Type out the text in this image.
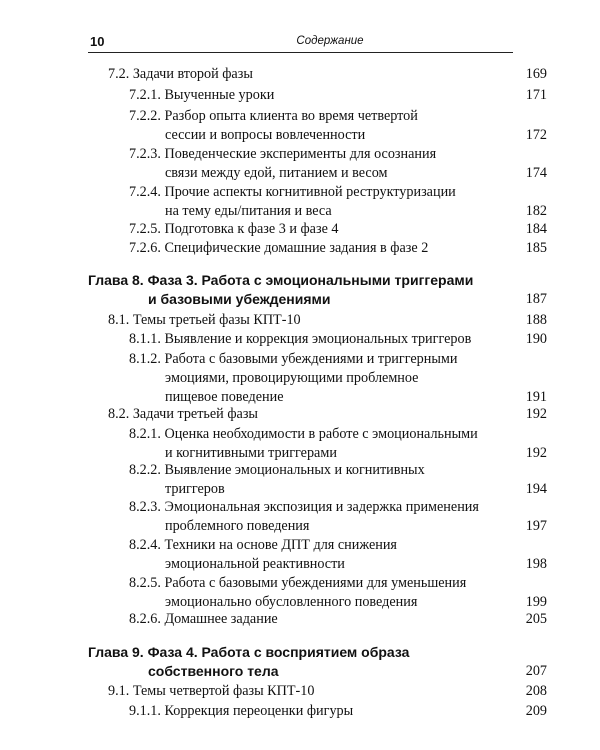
10	Содержание
7.2. Задачи второй фазы	169
7.2.1. Выученные уроки	171
7.2.2. Разбор опыта клиента во время четвертой
сессии и вопросы вовлеченности	172
7.2.3. Поведенческие эксперименты для осознания
связи между едой, питанием и весом	174
7.2.4. Прочие аспекты когнитивной реструктуризации
на тему еды/питания и веса	182
7.2.5. Подготовка к фазе 3 и фазе 4	184
7.2.6. Специфические домашние задания в фазе 2	185
Глава 8. Фаза 3. Работа с эмоциональными триггерами
и базовыми убеждениями	187
8.1. Темы третьей фазы КПТ-10	188
8.1.1. Выявление и коррекция эмоциональных триггеров	190
8.1.2. Работа с базовыми убеждениями и триггерными
эмоциями, провоцирующими проблемное
пищевое поведение	191
8.2. Задачи третьей фазы	192
8.2.1. Оценка необходимости в работе с эмоциональными
и когнитивными триггерами	192
8.2.2. Выявление эмоциональных и когнитивных
триггеров	194
8.2.3. Эмоциональная экспозиция и задержка применения
проблемного поведения	197
8.2.4. Техники на основе ДПТ для снижения
эмоциональной реактивности	198
8.2.5. Работа с базовыми убеждениями для уменьшения
эмоционально обусловленного поведения	199
8.2.6. Домашнее задание	205
Глава 9. Фаза 4. Работа с восприятием образа
собственного тела	207
9.1. Темы четвертой фазы КПТ-10	208
9.1.1. Коррекция переоценки фигуры	209
